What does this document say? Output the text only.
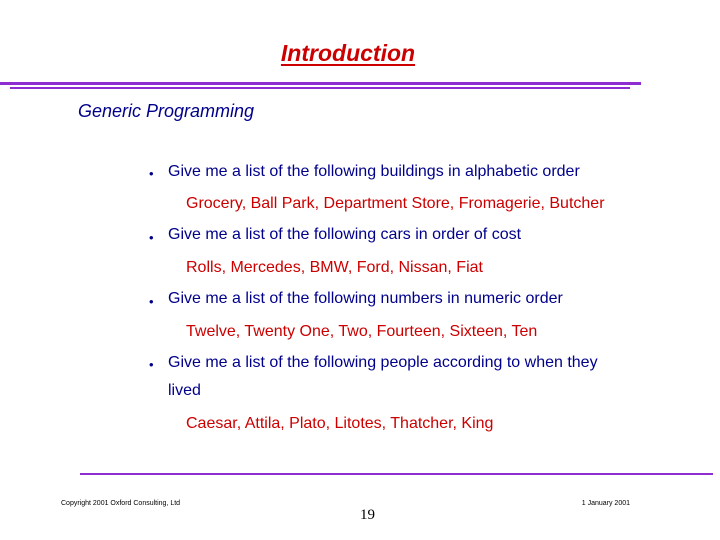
Introduction
Generic Programming
• Give me a list of the following buildings in alphabetic order
Grocery, Ball Park, Department Store, Fromagerie, Butcher
• Give me a list of the following cars in order of cost
Rolls, Mercedes, BMW, Ford, Nissan, Fiat
• Give me a list of the following numbers in numeric order
Twelve, Twenty One, Two, Fourteen, Sixteen, Ten
• Give me a list of the following people according to when they
lived
Caesar, Attila, Plato, Litotes, Thatcher, King
Copyright 2001 Oxford Consulting, Ltd	1 January 2001
19
